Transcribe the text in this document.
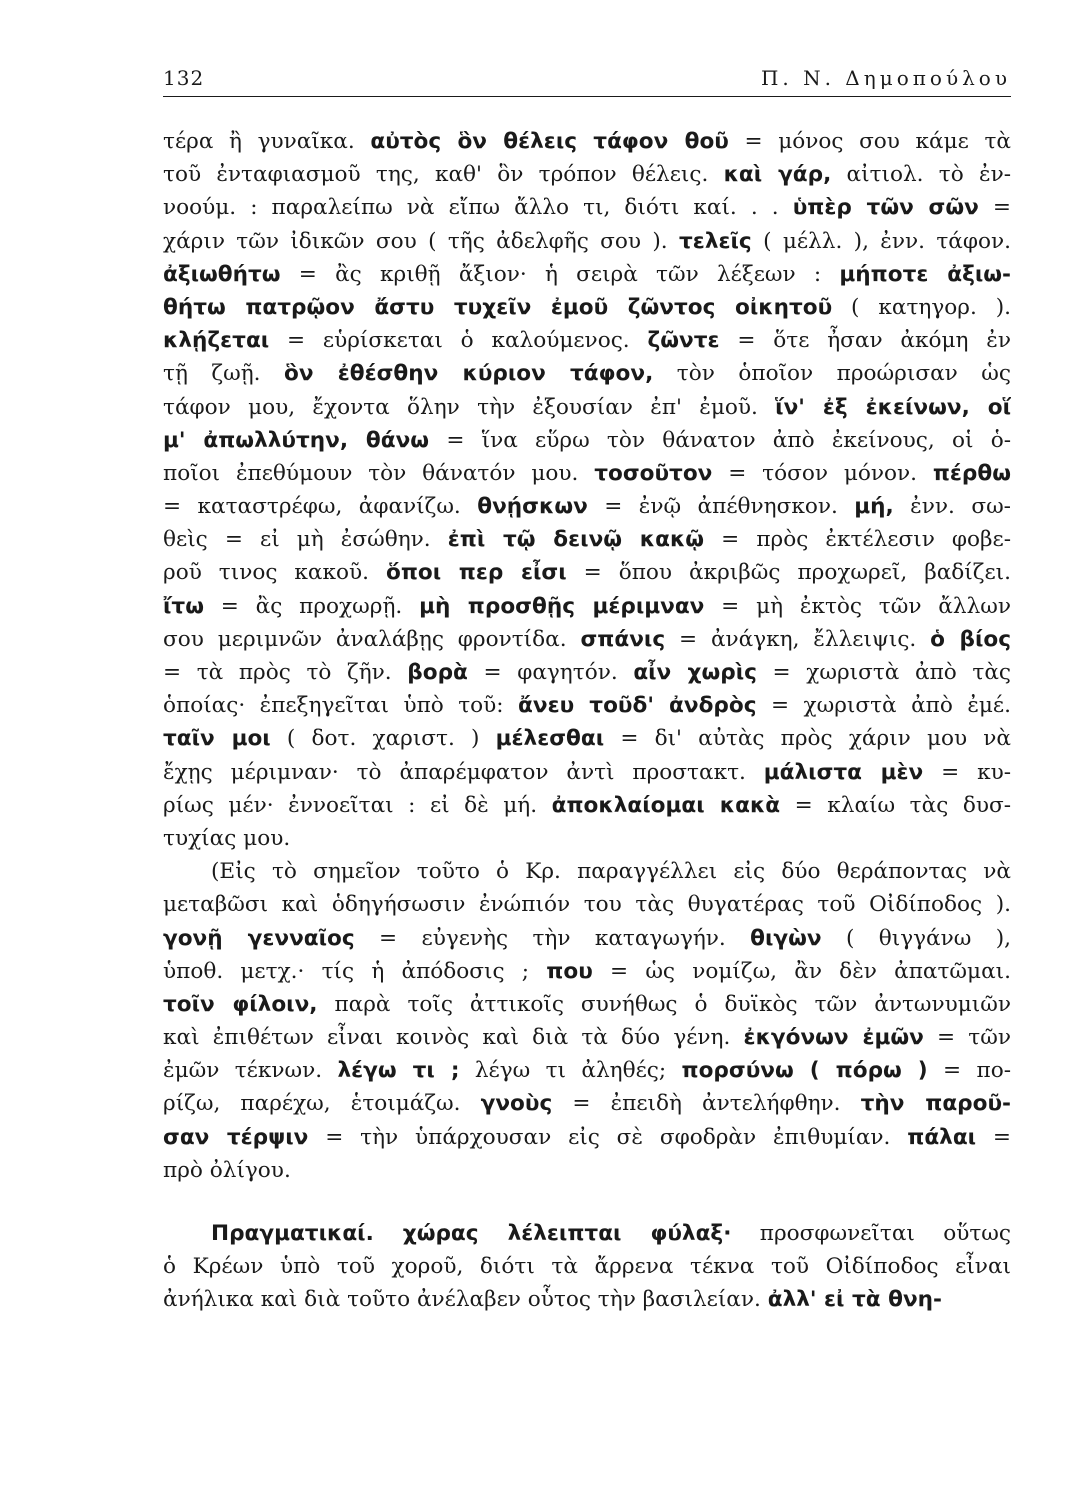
132	Π. Ν. Δημοπούλου
τέρα ἢ γυναῖκα. αὐτὸς ὃν θέλεις τάφον θοῦ = μόνος σου κάμε τὰ
τοῦ ἐνταφιασμοῦ της, καθ' ὃν τρόπον θέλεις. καὶ γάρ, αἰτιολ. τὸ ἐν-
νοούμ. : παραλείπω νὰ εἴπω ἄλλο τι, διότι καί. . . ὑπὲρ τῶν σῶν =
χάριν τῶν ἰδικῶν σου ( τῆς ἀδελφῆς σου ). τελεῖς ( μέλλ. ), ἐνν. τάφον.
ἀξιωθήτω = ἂς κριθῇ ἄξιον· ἡ σειρὰ τῶν λέξεων : μήποτε ἀξιω-
θήτω πατρῷον ἄστυ τυχεῖν ἐμοῦ ζῶντος οἰκητοῦ ( κατηγορ. ).
κλῄζεται = εὑρίσκεται ὁ καλούμενος. ζῶντε = ὅτε ἦσαν ἀκόμη ἐν
τῇ ζωῇ. ὃν ἐθέσθην κύριον τάφον, τὸν ὁποῖον προώρισαν ὡς
τάφον μου, ἔχοντα ὅλην τὴν ἐξουσίαν ἐπ' ἐμοῦ. ἵν' ἐξ ἐκείνων, οἵ
μ' ἀπωλλύτην, θάνω = ἵνα εὕρω τὸν θάνατον ἀπὸ ἐκείνους, οἱ ὁ-
ποῖοι ἐπεθύμουν τὸν θάνατόν μου. τοσοῦτον = τόσον μόνον. πέρθω
= καταστρέφω, ἀφανίζω. θνῄσκων = ἐνῷ ἀπέθνησκον. μή, ἐνν. σω-
θεὶς = εἰ μὴ ἐσώθην. ἐπὶ τῷ δεινῷ κακῷ = πρὸς ἐκτέλεσιν φοβε-
ροῦ τινος κακοῦ. ὅποι περ εἶσι = ὅπου ἀκριβῶς προχωρεῖ, βαδίζει.
ἴτω = ἂς προχωρῇ. μὴ προσθῇς μέριμναν = μὴ ἐκτὸς τῶν ἄλλων
σου μεριμνῶν ἀναλάβῃς φροντίδα. σπάνις = ἀνάγκη, ἔλλειψις. ὁ βίος
= τὰ πρὸς τὸ ζῆν. βορὰ = φαγητόν. αἶν χωρὶς = χωριστὰ ἀπὸ τὰς
ὁποίας· ἐπεξηγεῖται ὑπὸ τοῦ: ἄνευ τοῦδ' ἀνδρὸς = χωριστὰ ἀπὸ ἐμέ.
ταῖν μοι ( δοτ. χαριστ. ) μέλεσθαι = δι' αὐτὰς πρὸς χάριν μου νὰ
ἔχῃς μέριμναν· τὸ ἀπαρέμφατον ἀντὶ προστακτ. μάλιστα μὲν = κυ-
ρίως μέν· ἐννοεῖται : εἰ δὲ μή. ἀποκλαίομαι κακὰ = κλαίω τὰς δυσ-
τυχίας μου.
(Εἰς τὸ σημεῖον τοῦτο ὁ Κρ. παραγγέλλει εἰς δύο θεράποντας νὰ
μεταβῶσι καὶ ὁδηγήσωσιν ἐνώπιόν του τὰς θυγατέρας τοῦ Οἰδίποδος ).
γονῇ γενναῖος = εὐγενὴς τὴν καταγωγήν. θιγὼν ( θιγγάνω ),
ὑποθ. μετχ.· τίς ἡ ἀπόδοσις ; που = ὡς νομίζω, ἂν δὲν ἀπατῶμαι.
τοῖν φίλοιν, παρὰ τοῖς ἀττικοῖς συνήθως ὁ δυϊκὸς τῶν ἀντωνυμιῶν
καὶ ἐπιθέτων εἶναι κοινὸς καὶ διὰ τὰ δύο γένη. ἐκγόνων ἐμῶν = τῶν
ἐμῶν τέκνων. λέγω τι ; λέγω τι ἀληθές; πορσύνω ( πόρω ) = πο-
ρίζω, παρέχω, ἑτοιμάζω. γνοὺς = ἐπειδὴ ἀντελήφθην. τὴν παροῦ-
σαν τέρψιν = τὴν ὑπάρχουσαν εἰς σὲ σφοδρὰν ἐπιθυμίαν. πάλαι =
πρὸ ὀλίγου.
Πραγματικαί. χώρας λέλειπται φύλαξ· προσφωνεῖται οὕτως
ὁ Κρέων ὑπὸ τοῦ χοροῦ, διότι τὰ ἄρρενα τέκνα τοῦ Οἰδίποδος εἶναι
ἀνήλικα καὶ διὰ τοῦτο ἀνέλαβεν οὗτος τὴν βασιλείαν. ἀλλ' εἰ τὰ θνη-
